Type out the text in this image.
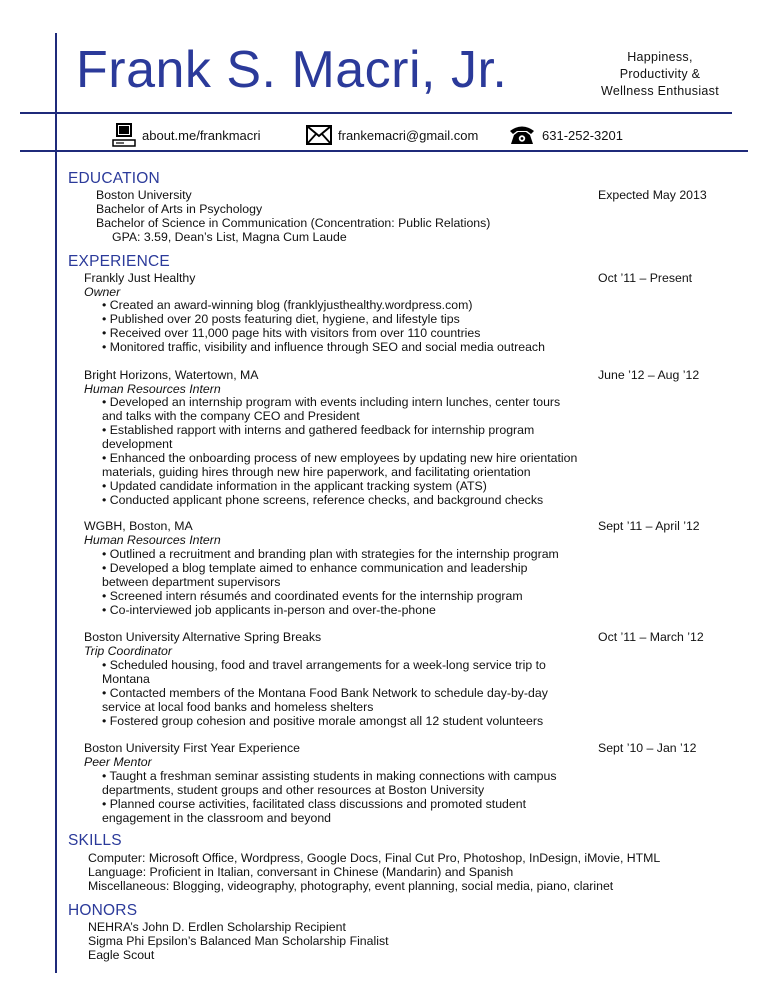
Frank S. Macri, Jr.	Happiness,
Productivity &
Wellness Enthusiast
about.me/frankmacri	frankemacri@gmail.com	631-252-3201
EDUCATION
Boston University	Expected May 2013
Bachelor of Arts in Psychology
Bachelor of Science in Communication (Concentration: Public Relations)
GPA: 3.59, Dean’s List, Magna Cum Laude
EXPERIENCE
Frankly Just Healthy	Oct ’11 – Present
Owner
• Created an award-winning blog (franklyjusthealthy.wordpress.com)
• Published over 20 posts featuring diet, hygiene, and lifestyle tips
• Received over 11,000 page hits with visitors from over 110 countries
• Monitored traffic, visibility and influence through SEO and social media outreach
Bright Horizons, Watertown, MA	June ’12 – Aug ’12
Human Resources Intern
• Developed an internship program with events including intern lunches, center tours
and talks with the company CEO and President
• Established rapport with interns and gathered feedback for internship program
development
• Enhanced the onboarding process of new employees by updating new hire orientation
materials, guiding hires through new hire paperwork, and facilitating orientation
• Updated candidate information in the applicant tracking system (ATS)
• Conducted applicant phone screens, reference checks, and background checks
WGBH, Boston, MA	Sept ’11 – April ’12
Human Resources Intern
• Outlined a recruitment and branding plan with strategies for the internship program
• Developed a blog template aimed to enhance communication and leadership
between department supervisors
• Screened intern résumés and coordinated events for the internship program
• Co-interviewed job applicants in-person and over-the-phone
Boston University Alternative Spring Breaks	Oct ’11 – March ’12
Trip Coordinator
• Scheduled housing, food and travel arrangements for a week-long service trip to
Montana
• Contacted members of the Montana Food Bank Network to schedule day-by-day
service at local food banks and homeless shelters
• Fostered group cohesion and positive morale amongst all 12 student volunteers
Boston University First Year Experience	Sept ’10 – Jan ’12
Peer Mentor
• Taught a freshman seminar assisting students in making connections with campus
departments, student groups and other resources at Boston University
• Planned course activities, facilitated class discussions and promoted student
engagement in the classroom and beyond
SKILLS
Computer: Microsoft Office, Wordpress, Google Docs, Final Cut Pro, Photoshop, InDesign, iMovie, HTML
Language: Proficient in Italian, conversant in Chinese (Mandarin) and Spanish
Miscellaneous: Blogging, videography, photography, event planning, social media, piano, clarinet
HONORS
NEHRA’s John D. Erdlen Scholarship Recipient
Sigma Phi Epsilon’s Balanced Man Scholarship Finalist
Eagle Scout
